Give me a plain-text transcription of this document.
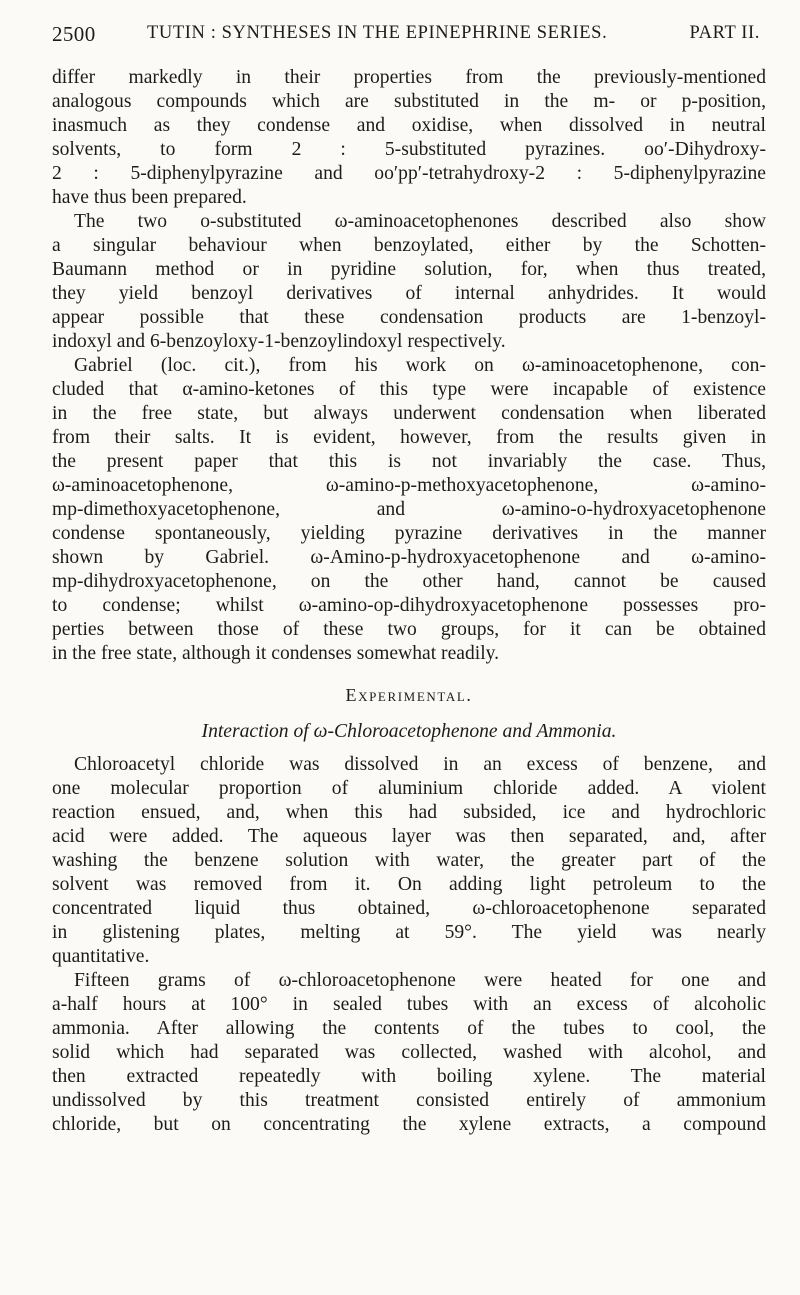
2500	TUTIN : SYNTHESES IN THE EPINEPHRINE SERIES.	PART II.
differ markedly in their properties from the previously-mentioned
analogous compounds which are substituted in the m- or p-position,
inasmuch as they condense and oxidise, when dissolved in neutral
solvents, to form 2 : 5-substituted pyrazines. oo′-Dihydroxy-
2 : 5-diphenylpyrazine and oo′pp′-tetrahydroxy-2 : 5-diphenylpyrazine
have thus been prepared.
The two o-substituted ω-aminoacetophenones described also show
a singular behaviour when benzoylated, either by the Schotten-
Baumann method or in pyridine solution, for, when thus treated,
they yield benzoyl derivatives of internal anhydrides. It would
appear possible that these condensation products are 1-benzoyl-
indoxyl and 6-benzoyloxy-1-benzoylindoxyl respectively.
Gabriel (loc. cit.), from his work on ω-aminoacetophenone, con-
cluded that α-amino-ketones of this type were incapable of existence
in the free state, but always underwent condensation when liberated
from their salts. It is evident, however, from the results given in
the present paper that this is not invariably the case. Thus,
ω-aminoacetophenone, ω-amino-p-methoxyacetophenone, ω-amino-
mp-dimethoxyacetophenone, and ω-amino-o-hydroxyacetophenone
condense spontaneously, yielding pyrazine derivatives in the manner
shown by Gabriel. ω-Amino-p-hydroxyacetophenone and ω-amino-
mp-dihydroxyacetophenone, on the other hand, cannot be caused
to condense; whilst ω-amino-op-dihydroxyacetophenone possesses pro-
perties between those of these two groups, for it can be obtained
in the free state, although it condenses somewhat readily.
Experimental.
Interaction of ω-Chloroacetophenone and Ammonia.
Chloroacetyl chloride was dissolved in an excess of benzene, and
one molecular proportion of aluminium chloride added. A violent
reaction ensued, and, when this had subsided, ice and hydrochloric
acid were added. The aqueous layer was then separated, and, after
washing the benzene solution with water, the greater part of the
solvent was removed from it. On adding light petroleum to the
concentrated liquid thus obtained, ω-chloroacetophenone separated
in glistening plates, melting at 59°. The yield was nearly
quantitative.
Fifteen grams of ω-chloroacetophenone were heated for one and
a-half hours at 100° in sealed tubes with an excess of alcoholic
ammonia. After allowing the contents of the tubes to cool, the
solid which had separated was collected, washed with alcohol, and
then extracted repeatedly with boiling xylene. The material
undissolved by this treatment consisted entirely of ammonium
chloride, but on concentrating the xylene extracts, a compound
